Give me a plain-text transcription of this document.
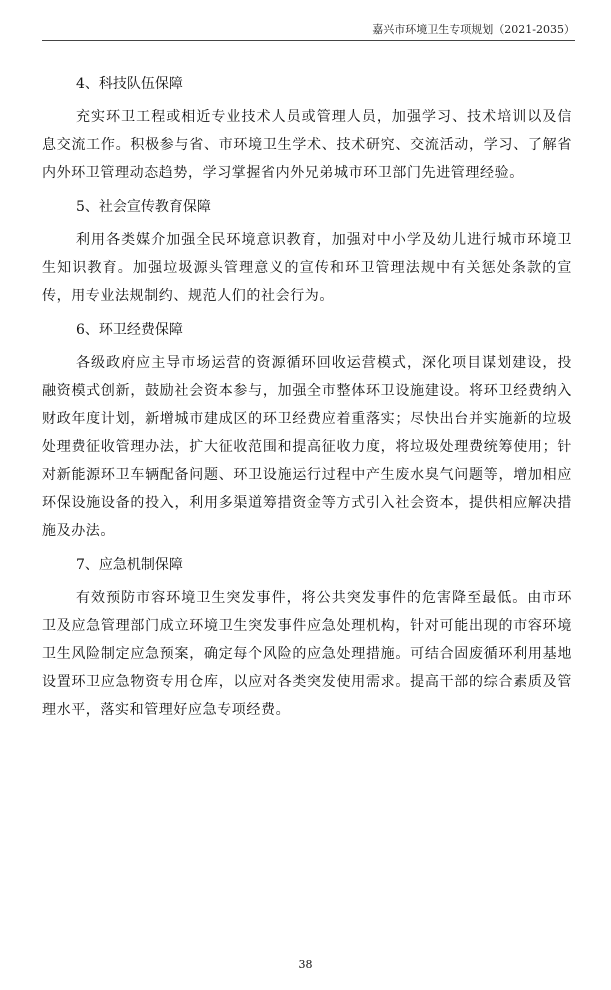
嘉兴市环境卫生专项规划（2021-2035）
4、科技队伍保障
充实环卫工程或相近专业技术人员或管理人员，加强学习、技术培训以及信息交流工作。积极参与省、市环境卫生学术、技术研究、交流活动，学习、了解省内外环卫管理动态趋势，学习掌握省内外兄弟城市环卫部门先进管理经验。
5、社会宣传教育保障
利用各类媒介加强全民环境意识教育，加强对中小学及幼儿进行城市环境卫生知识教育。加强垃圾源头管理意义的宣传和环卫管理法规中有关惩处条款的宣传，用专业法规制约、规范人们的社会行为。
6、环卫经费保障
各级政府应主导市场运营的资源循环回收运营模式，深化项目谋划建设，投融资模式创新，鼓励社会资本参与，加强全市整体环卫设施建设。将环卫经费纳入财政年度计划，新增城市建成区的环卫经费应着重落实；尽快出台并实施新的垃圾处理费征收管理办法，扩大征收范围和提高征收力度，将垃圾处理费统筹使用；针对新能源环卫车辆配备问题、环卫设施运行过程中产生废水臭气问题等，增加相应环保设施设备的投入，利用多渠道筹措资金等方式引入社会资本，提供相应解决措施及办法。
7、应急机制保障
有效预防市容环境卫生突发事件，将公共突发事件的危害降至最低。由市环卫及应急管理部门成立环境卫生突发事件应急处理机构，针对可能出现的市容环境卫生风险制定应急预案，确定每个风险的应急处理措施。可结合固废循环利用基地设置环卫应急物资专用仓库，以应对各类突发使用需求。提高干部的综合素质及管理水平，落实和管理好应急专项经费。
38
